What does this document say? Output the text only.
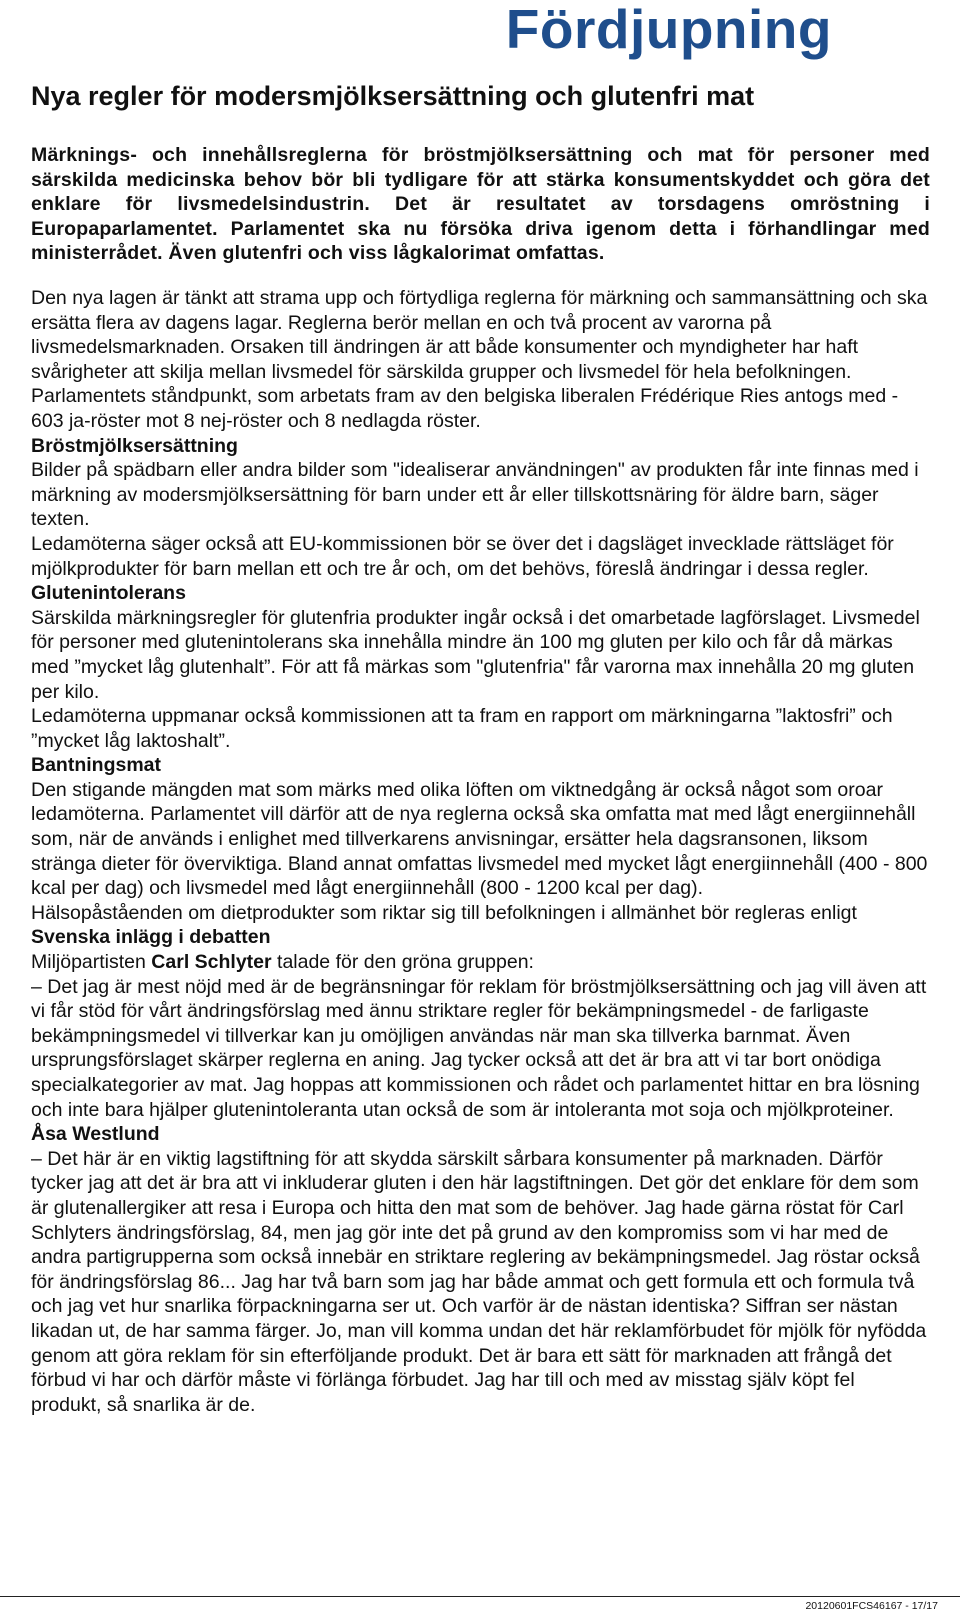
Fördjupning
Nya regler för modersmjölksersättning och glutenfri mat

Märknings- och innehållsreglerna för bröstmjölksersättning och mat för personer med särskilda medicinska behov bör bli tydligare för att stärka konsumentskyddet och göra det enklare för livsmedelsindustrin. Det är resultatet av torsdagens omröstning i Europaparlamentet. Parlamentet ska nu försöka driva igenom detta i förhandlingar med ministerrådet. Även glutenfri och viss lågkalorimat omfattas.

Den nya lagen är tänkt att strama upp och förtydliga reglerna för märkning och sammansättning och ska ersätta flera av dagens lagar. Reglerna berör mellan en och två procent av varorna på livsmedelsmarknaden. Orsaken till ändringen är att både konsumenter och myndigheter har haft svårigheter att skilja mellan livsmedel för särskilda grupper och livsmedel för hela befolkningen.

Parlamentets ståndpunkt, som arbetats fram av den belgiska liberalen Frédérique Ries antogs med - 603 ja-röster mot 8 nej-röster och 8 nedlagda röster.

Bröstmjölksersättning

Bilder på spädbarn eller andra bilder som "idealiserar användningen" av produkten får inte finnas med i märkning av modersmjölksersättning för barn under ett år eller tillskottsnäring för äldre barn, säger texten.

Ledamöterna säger också att EU-kommissionen bör se över det i dagsläget invecklade rättsläget för mjölkprodukter för barn mellan ett och tre år och, om det behövs, föreslå ändringar i dessa regler.

Glutenintolerans

Särskilda märkningsregler för glutenfria produkter ingår också i det omarbetade lagförslaget. Livsmedel för personer med glutenintolerans ska innehålla mindre än 100 mg gluten per kilo och får då märkas med ”mycket låg glutenhalt”. För att få märkas som "glutenfria" får varorna max innehålla 20 mg gluten per kilo.

Ledamöterna uppmanar också kommissionen att ta fram en rapport om märkningarna ”laktosfri” och ”mycket låg laktoshalt”.

Bantningsmat

Den stigande mängden mat som märks med olika löften om viktnedgång är också något som oroar ledamöterna. Parlamentet vill därför att de nya reglerna också ska omfatta mat med lågt energiinnehåll som, när de används i enlighet med tillverkarens anvisningar, ersätter hela dagsransonen, liksom stränga dieter för överviktiga. Bland annat omfattas livsmedel med mycket lågt energiinnehåll (400 - 800 kcal per dag) och livsmedel med lågt energiinnehåll (800 - 1200 kcal per dag).

Hälsopåståenden om dietprodukter som riktar sig till befolkningen i allmänhet bör regleras enligt

Svenska inlägg i debatten

Miljöpartisten Carl Schlyter talade för den gröna gruppen:

– Det jag är mest nöjd med är de begränsningar för reklam för bröstmjölksersättning och jag vill även att vi får stöd för vårt ändringsförslag med ännu striktare regler för bekämpningsmedel - de farligaste bekämpningsmedel vi tillverkar kan ju omöjligen användas när man ska tillverka barnmat. Även ursprungsförslaget skärper reglerna en aning. Jag tycker också att det är bra att vi tar bort onödiga specialkategorier av mat. Jag hoppas att kommissionen och rådet och parlamentet hittar en bra lösning och inte bara hjälper glutenintoleranta utan också de som är intoleranta mot soja och mjölkproteiner.

Åsa Westlund

– Det här är en viktig lagstiftning för att skydda särskilt sårbara konsumenter på marknaden. Därför tycker jag att det är bra att vi inkluderar gluten i den här lagstiftningen. Det gör det enklare för dem som är glutenallergiker att resa i Europa och hitta den mat som de behöver. Jag hade gärna röstat för Carl Schlyters ändringsförslag, 84, men jag gör inte det på grund av den kompromiss som vi har med de andra partigrupperna som också innebär en striktare reglering av bekämpningsmedel. Jag röstar också för ändringsförslag 86... Jag har två barn som jag har både ammat och gett formula ett och formula två och jag vet hur snarlika förpackningarna ser ut. Och varför är de nästan identiska? Siffran ser nästan likadan ut, de har samma färger. Jo, man vill komma undan det här reklamförbudet för mjölk för nyfödda genom att göra reklam för sin efterföljande produkt. Det är bara ett sätt för marknaden att frångå det förbud vi har och därför måste vi förlänga förbudet. Jag har till och med av misstag själv köpt fel produkt, så snarlika är de.

20120601FCS46167 - 17/17
